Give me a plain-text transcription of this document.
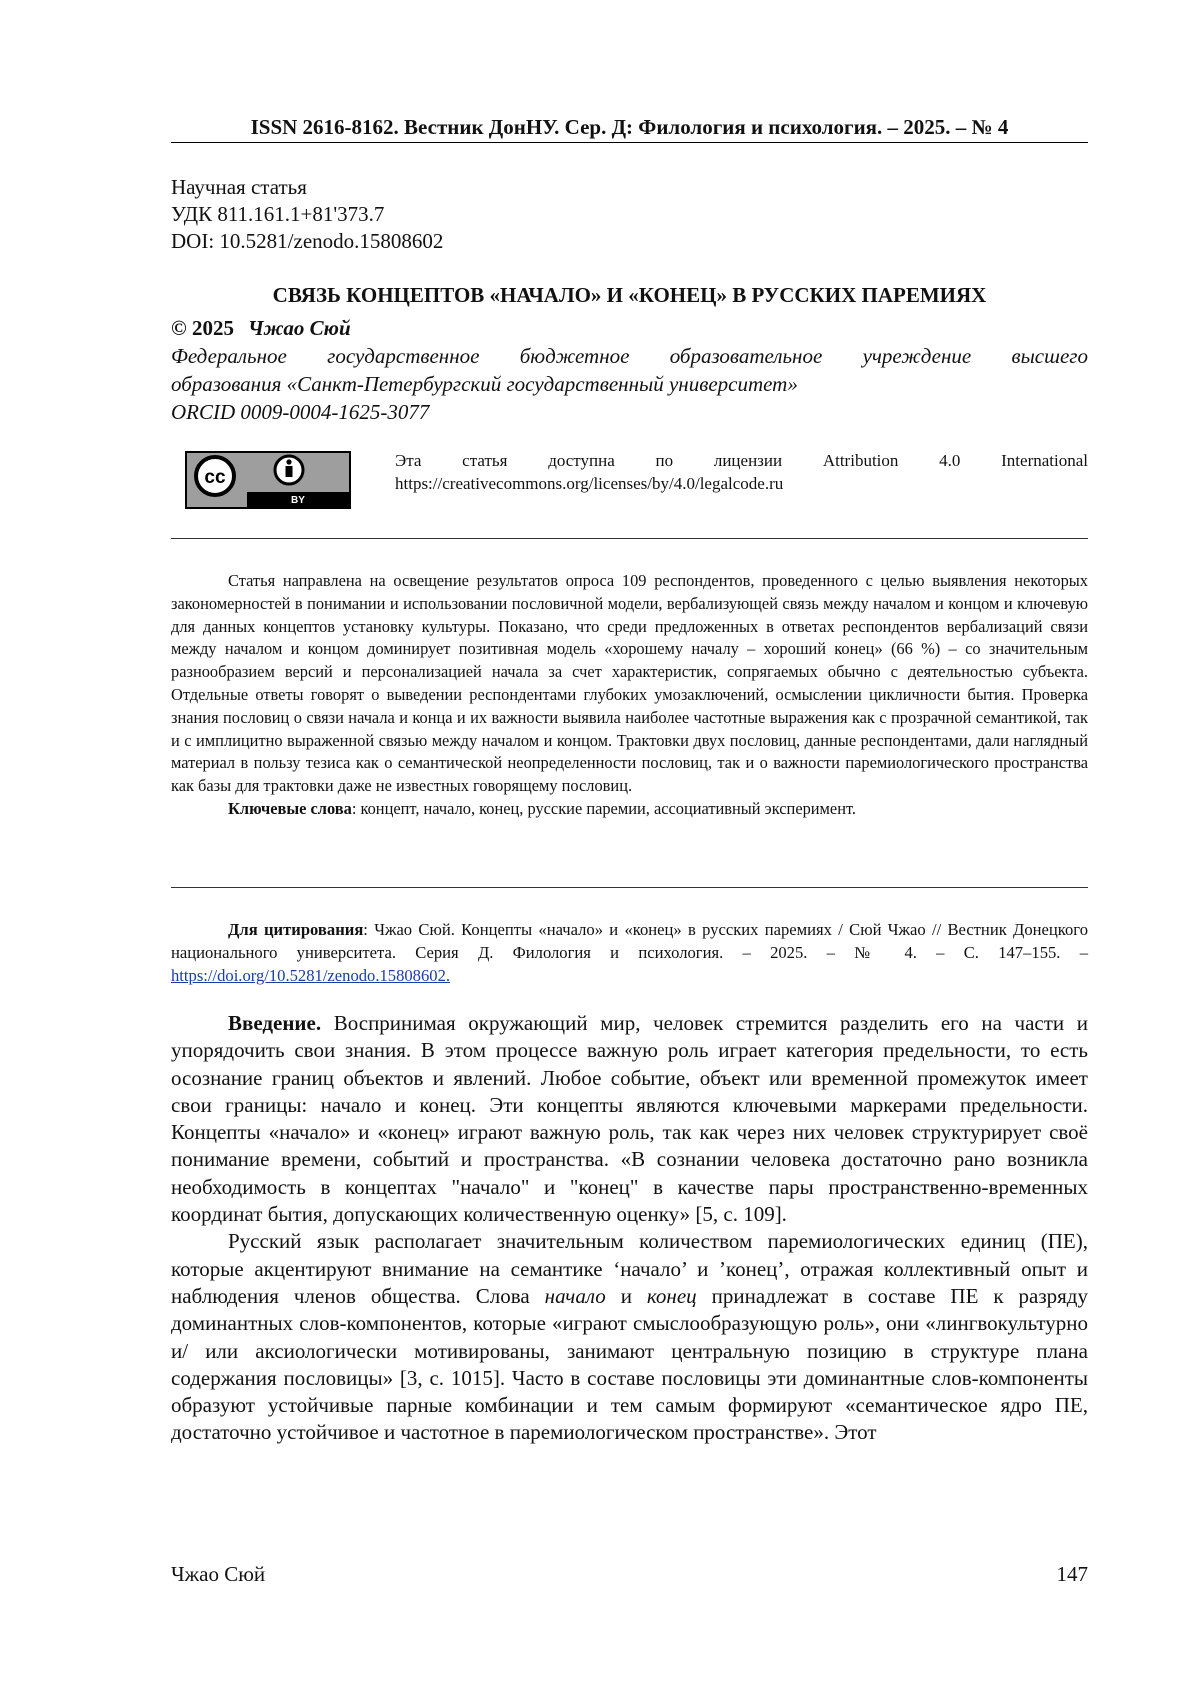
ISSN 2616-8162. Вестник ДонНУ. Сер. Д: Филология и психология. – 2025. – № 4
Научная статья
УДК 811.161.1+81'373.7
DOI: 10.5281/zenodo.15808602
СВЯЗЬ КОНЦЕПТОВ «НАЧАЛО» И «КОНЕЦ» В РУССКИХ ПАРЕМИЯХ
© 2025 Чжао Сюй
Федеральное государственное бюджетное образовательное учреждение высшего
образования «Санкт-Петербургский государственный университет»
ORCID 0009-0004-1625-3077
cc
BY
Эта статья доступна по лицензии Attribution 4.0 International
https://creativecommons.org/licenses/by/4.0/legalcode.ru

Статья направлена на освещение результатов опроса 109 респондентов, проведенного с целью выявления некоторых закономерностей в понимании и использовании пословичной модели, вербализующей связь между началом и концом и ключевую для данных концептов установку культуры. Показано, что среди предложенных в ответах респондентов вербализаций связи между началом и концом доминирует позитивная модель «хорошему началу – хороший конец» (66 %) – со значительным разнообразием версий и персонализацией начала за счет характеристик, сопрягаемых обычно с деятельностью субъекта. Отдельные ответы говорят о выведении респондентами глубоких умозаключений, осмыслении цикличности бытия. Проверка знания пословиц о связи начала и конца и их важности выявила наиболее частотные выражения как с прозрачной семантикой, так и с имплицитно выраженной связью между началом и концом. Трактовки двух пословиц, данные респондентами, дали наглядный материал в пользу тезиса как о семантической неопределенности пословиц, так и о важности паремиологического пространства как базы для трактовки даже не известных говорящему пословиц.

Ключевые слова: концепт, начало, конец, русские паремии, ассоциативный эксперимент.

Для цитирования: Чжао Сюй. Концепты «начало» и «конец» в русских паремиях / Сюй Чжао // Вестник Донецкого национального университета. Серия Д. Филология и психология. – 2025. – № 4. – С. 147–155. – https://doi.org/10.5281/zenodo.15808602.

Введение. Воспринимая окружающий мир, человек стремится разделить его на части и упорядочить свои знания. В этом процессе важную роль играет категория предельности, то есть осознание границ объектов и явлений. Любое событие, объект или временной промежуток имеет свои границы: начало и конец. Эти концепты являются ключевыми маркерами предельности. Концепты «начало» и «конец» играют важную роль, так как через них человек структурирует своё понимание времени, событий и пространства. «В сознании человека достаточно рано возникла необходимость в концептах "начало" и "конец" в качестве пары пространственно-временных координат бытия, допускающих количественную оценку» [5, с. 109].

Русский язык располагает значительным количеством паремиологических единиц (ПЕ), которые акцентируют внимание на семантике ‘начало’ и ’конец’, отражая коллективный опыт и наблюдения членов общества. Слова начало и конец принадлежат в составе ПЕ к разряду доминантных слов-компонентов, которые «играют смыслообразующую роль», они «лингвокультурно и/ или аксиологически мотивированы, занимают центральную позицию в структуре плана содержания пословицы» [3, с. 1015]. Часто в составе пословицы эти доминантные слов-компоненты образуют устойчивые парные комбинации и тем самым формируют «семантическое ядро ПЕ, достаточно устойчивое и частотное в паремиологическом пространстве». Этот

Чжао Сюй	147
